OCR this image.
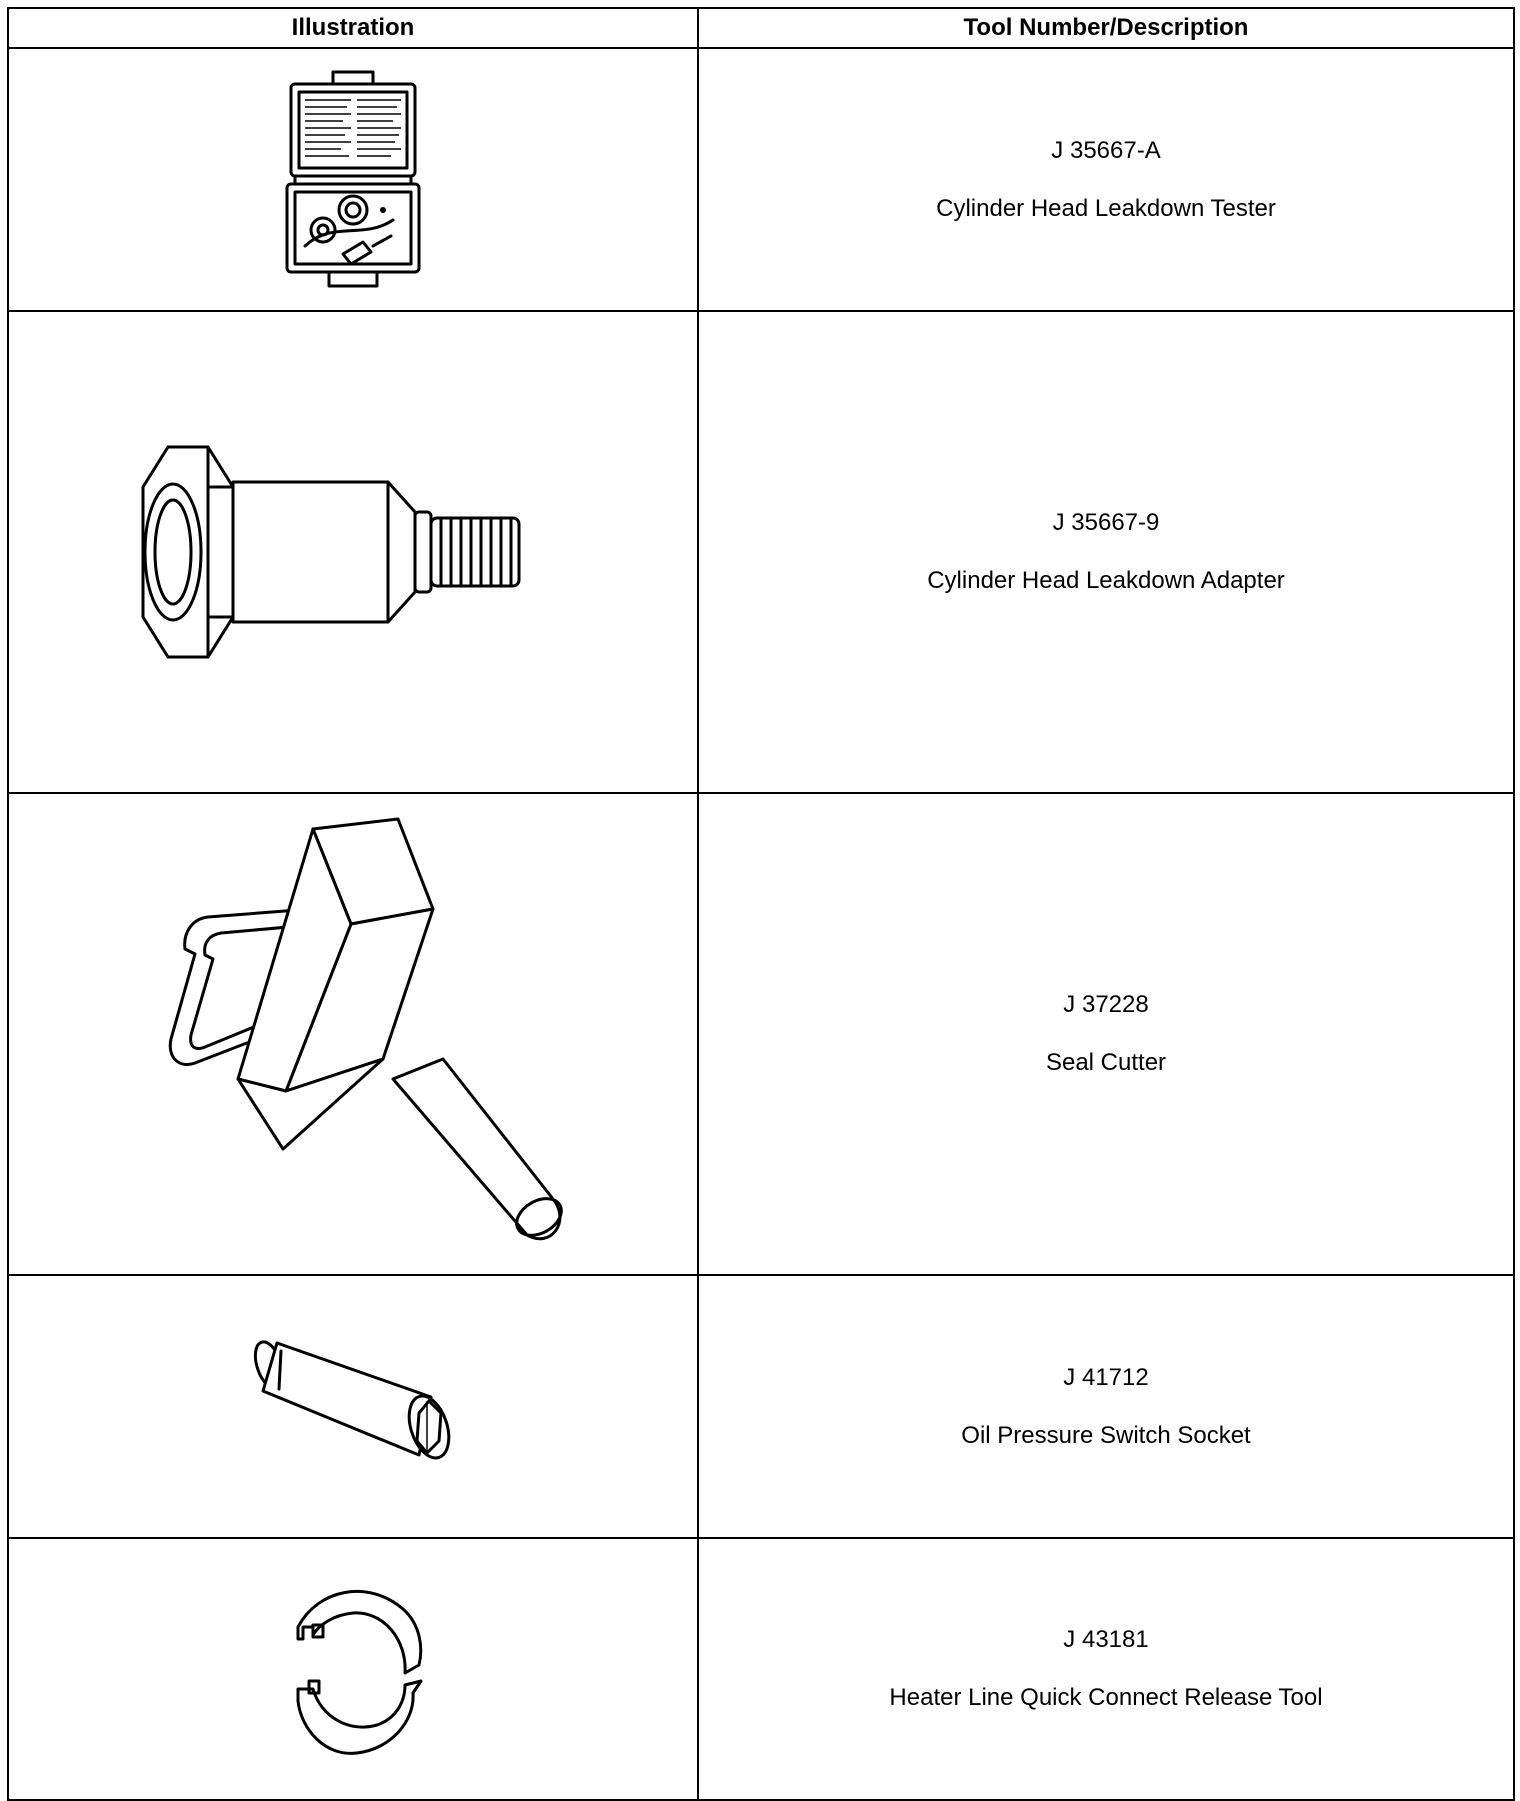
Illustration	Tool Number/Description

J 35667-A
Cylinder Head Leakdown Tester

J 35667-9
Cylinder Head Leakdown Adapter

J 37228
Seal Cutter

J 41712
Oil Pressure Switch Socket

J 43181
Heater Line Quick Connect Release Tool
